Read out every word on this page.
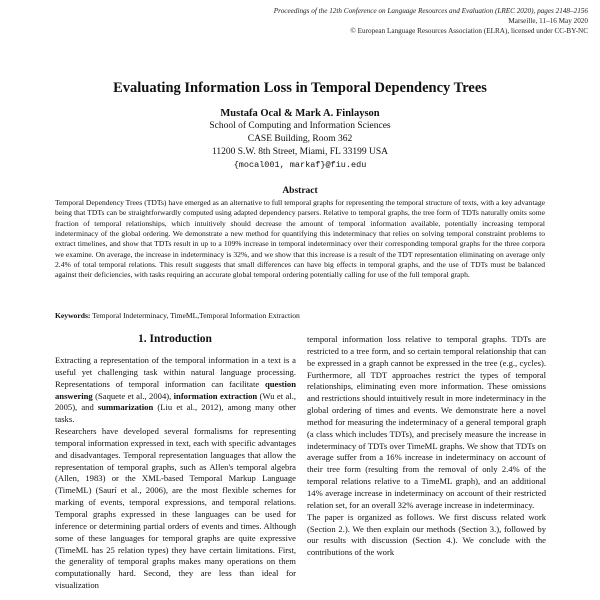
Proceedings of the 12th Conference on Language Resources and Evaluation (LREC 2020), pages 2148–2156
Marseille, 11–16 May 2020
© European Language Resources Association (ELRA), licensed under CC-BY-NC
Evaluating Information Loss in Temporal Dependency Trees
Mustafa Ocal & Mark A. Finlayson
School of Computing and Information Sciences
CASE Building, Room 362
11200 S.W. 8th Street, Miami, FL 33199 USA
{mocal001, markaf}@fiu.edu
Abstract
Temporal Dependency Trees (TDTs) have emerged as an alternative to full temporal graphs for representing the temporal structure of texts, with a key advantage being that TDTs can be straightforwardly computed using adapted dependency parsers. Relative to temporal graphs, the tree form of TDTs naturally omits some fraction of temporal relationships, which intuitively should decrease the amount of temporal information available, potentially increasing temporal indeterminacy of the global ordering. We demonstrate a new method for quantifying this indeterminacy that relies on solving temporal constraint problems to extract timelines, and show that TDTs result in up to a 109% increase in temporal indeterminacy over their corresponding temporal graphs for the three corpora we examine. On average, the increase in indeterminacy is 32%, and we show that this increase is a result of the TDT representation eliminating on average only 2.4% of total temporal relations. This result suggests that small differences can have big effects in temporal graphs, and the use of TDTs must be balanced against their deficiencies, with tasks requiring an accurate global temporal ordering potentially calling for use of the full temporal graph.
Keywords: Temporal Indeterminacy, TimeML,Temporal Information Extraction
1. Introduction

Extracting a representation of the temporal information in a text is a useful yet challenging task within natural language processing. Representations of temporal information can facilitate question answering (Saquete et al., 2004), information extraction (Wu et al., 2005), and summarization (Liu et al., 2012), among many other tasks.

Researchers have developed several formalisms for representing temporal information expressed in text, each with specific advantages and disadvantages. Temporal representation languages that allow the representation of temporal graphs, such as Allen's temporal algebra (Allen, 1983) or the XML-based Temporal Markup Language (TimeML) (Saurí et al., 2006), are the most flexible schemes for marking of events, temporal expressions, and temporal relations. Temporal graphs expressed in these languages can be used for inference or determining partial orders of events and times. Although some of these languages for temporal graphs are quite expressive (TimeML has 25 relation types) they have certain limitations. First, the generality of temporal graphs makes many operations on them computationally hard. Second, they are less than ideal for visualization

temporal information loss relative to temporal graphs. TDTs are restricted to a tree form, and so certain temporal relationship that can be expressed in a graph cannot be expressed in the tree (e.g., cycles). Furthermore, all TDT approaches restrict the types of temporal relationships, eliminating even more information. These omissions and restrictions should intuitively result in more indeterminacy in the global ordering of times and events. We demonstrate here a novel method for measuring the indeterminacy of a general temporal graph (a class which includes TDTs), and precisely measure the increase in indeterminacy of TDTs over TimeML graphs. We show that TDTs on average suffer from a 16% increase in indeterminacy on account of their tree form (resulting from the removal of only 2.4% of the temporal relations relative to a TimeML graph), and an additional 14% average increase in indeterminacy on account of their restricted relation set, for an overall 32% average increase in indeterminacy.

The paper is organized as follows. We first discuss related work (Section 2.). We then explain our methods (Section 3.), followed by our results with discussion (Section 4.). We conclude with the contributions of the work
